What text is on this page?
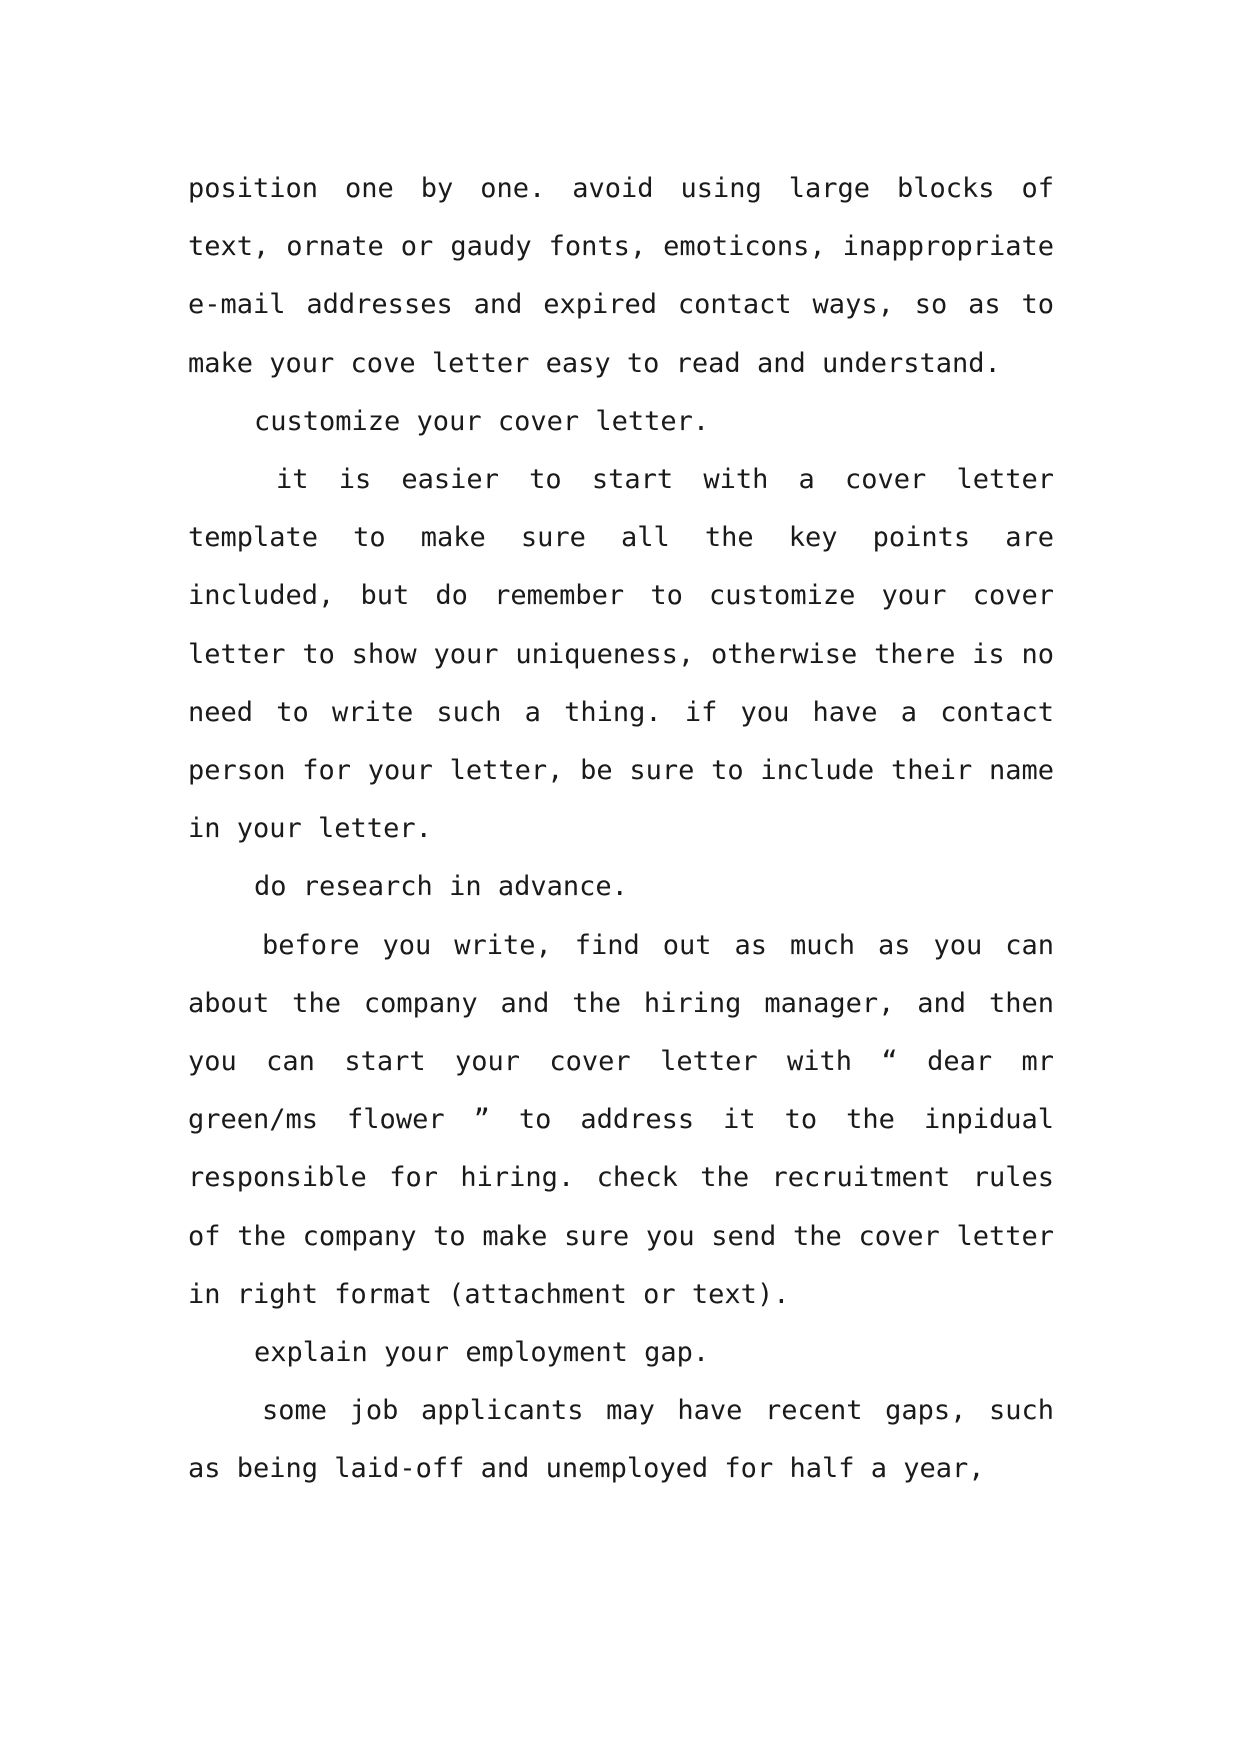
position one by one. avoid using large blocks of text, ornate or gaudy fonts, emoticons, inappropriate e-mail addresses and expired contact ways, so as to make your cove letter easy to read and understand.

customize your cover letter.

it is easier to start with a cover letter template to make sure all the key points are included, but do remember to customize your cover letter to show your uniqueness, otherwise there is no need to write such a thing. if you have a contact person for your letter, be sure to include their name in your letter.

do research in advance.

before you write, find out as much as you can about the company and the hiring manager, and then you can start your cover letter with “ dear mr green/ms flower ” to address it to the inpidual responsible for hiring. check the recruitment rules of the company to make sure you send the cover letter in right format (attachment or text).

explain your employment gap.

some job applicants may have recent gaps, such as being laid-off and unemployed for half a year,
